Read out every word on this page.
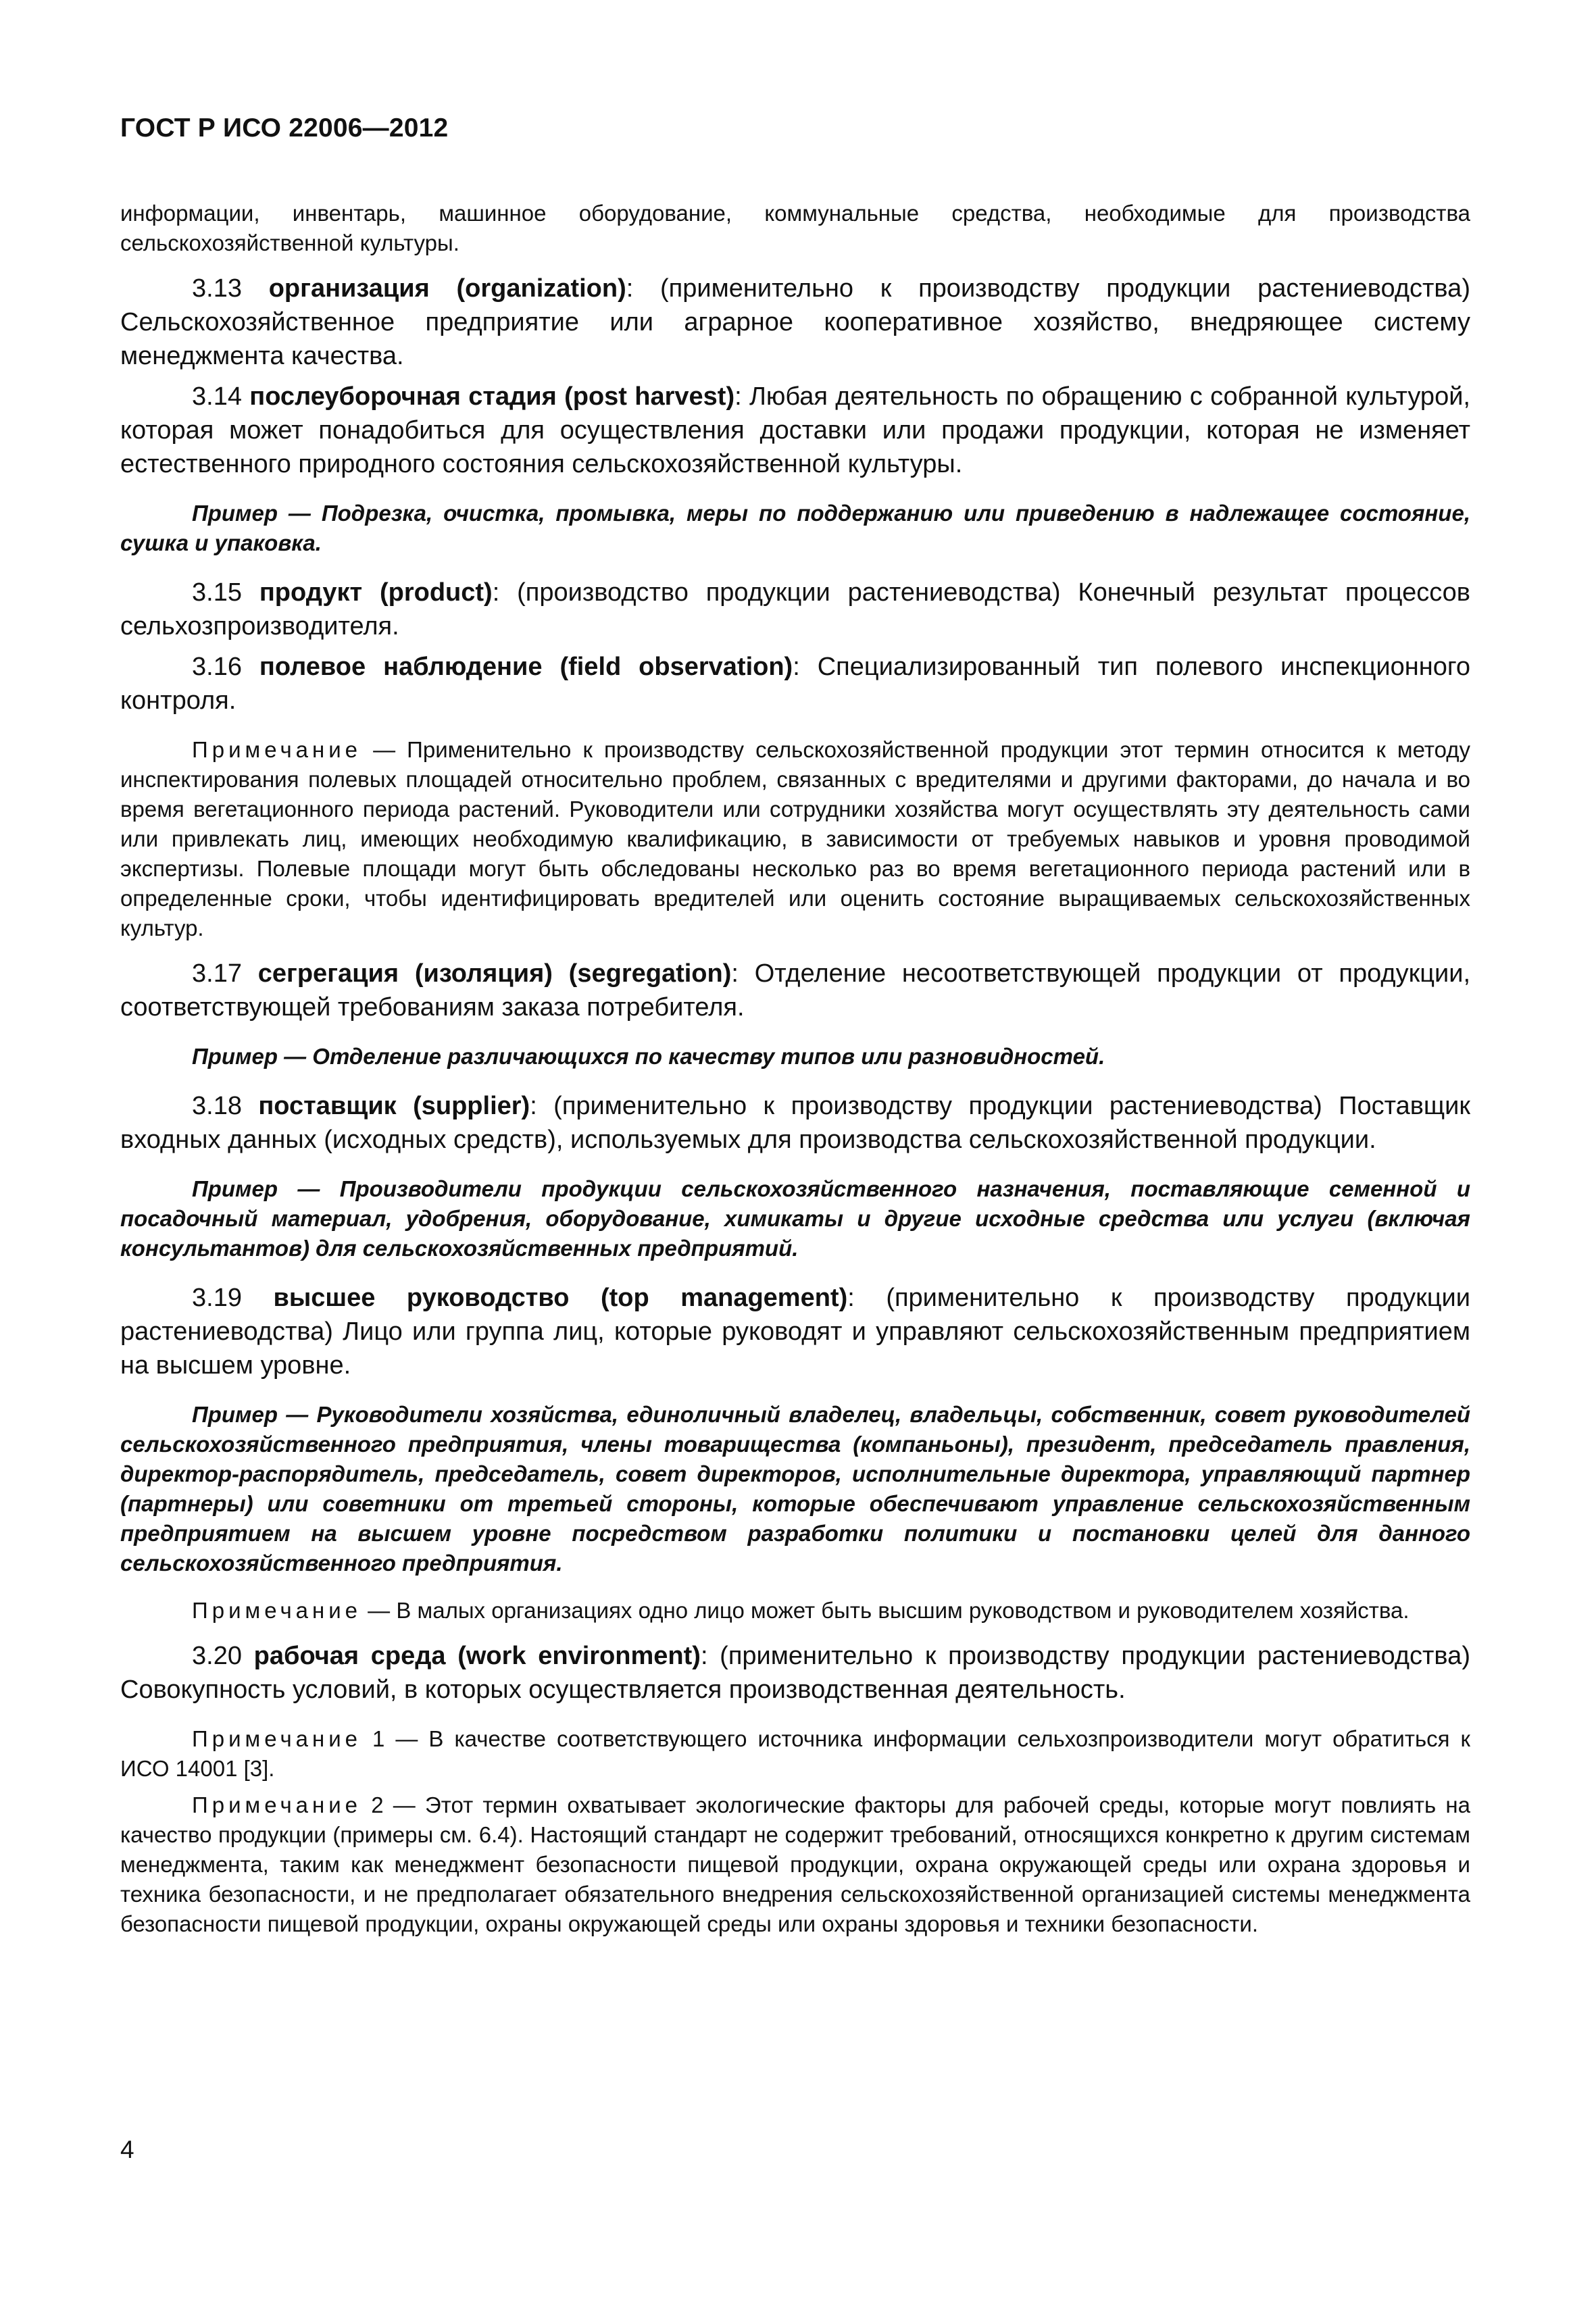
ГОСТ Р ИСО 22006—2012

информации, инвентарь, машинное оборудование, коммунальные средства, необходимые для производства сельскохозяйственной культуры.

3.13 организация (organization): (применительно к производству продукции растениеводства) Сельскохозяйственное предприятие или аграрное кооперативное хозяйство, внедряющее систему менеджмента качества.

3.14 послеуборочная стадия (post harvest): Любая деятельность по обращению с собранной культурой, которая может понадобиться для осуществления доставки или продажи продукции, которая не изменяет естественного природного состояния сельскохозяйственной культуры.

Пример — Подрезка, очистка, промывка, меры по поддержанию или приведению в надлежащее состояние, сушка и упаковка.

3.15 продукт (product): (производство продукции растениеводства) Конечный результат процессов сельхозпроизводителя.

3.16 полевое наблюдение (field observation): Специализированный тип полевого инспекционного контроля.

Примечание — Применительно к производству сельскохозяйственной продукции этот термин относится к методу инспектирования полевых площадей относительно проблем, связанных с вредителями и другими факторами, до начала и во время вегетационного периода растений. Руководители или сотрудники хозяйства могут осуществлять эту деятельность сами или привлекать лиц, имеющих необходимую квалификацию, в зависимости от требуемых навыков и уровня проводимой экспертизы. Полевые площади могут быть обследованы несколько раз во время вегетационного периода растений или в определенные сроки, чтобы идентифицировать вредителей или оценить состояние выращиваемых сельскохозяйственных культур.

3.17 сегрегация (изоляция) (segregation): Отделение несоответствующей продукции от продукции, соответствующей требованиям заказа потребителя.

Пример — Отделение различающихся по качеству типов или разновидностей.

3.18 поставщик (supplier): (применительно к производству продукции растениеводства) Поставщик входных данных (исходных средств), используемых для производства сельскохозяйственной продукции.

Пример — Производители продукции сельскохозяйственного назначения, поставляющие семенной и посадочный материал, удобрения, оборудование, химикаты и другие исходные средства или услуги (включая консультантов) для сельскохозяйственных предприятий.

3.19 высшее руководство (top management): (применительно к производству продукции растениеводства) Лицо или группа лиц, которые руководят и управляют сельскохозяйственным предприятием на высшем уровне.

Пример — Руководители хозяйства, единоличный владелец, владельцы, собственник, совет руководителей сельскохозяйственного предприятия, члены товарищества (компаньоны), президент, председатель правления, директор-распорядитель, председатель, совет директоров, исполнительные директора, управляющий партнер (партнеры) или советники от третьей стороны, которые обеспечивают управление сельскохозяйственным предприятием на высшем уровне посредством разработки политики и постановки целей для данного сельскохозяйственного предприятия.

Примечание — В малых организациях одно лицо может быть высшим руководством и руководителем хозяйства.

3.20 рабочая среда (work environment): (применительно к производству продукции растениеводства) Совокупность условий, в которых осуществляется производственная деятельность.

Примечание 1 — В качестве соответствующего источника информации сельхозпроизводители могут обратиться к ИСО 14001 [3].

Примечание 2 — Этот термин охватывает экологические факторы для рабочей среды, которые могут повлиять на качество продукции (примеры см. 6.4). Настоящий стандарт не содержит требований, относящихся конкретно к другим системам менеджмента, таким как менеджмент безопасности пищевой продукции, охрана окружающей среды или охрана здоровья и техника безопасности, и не предполагает обязательного внедрения сельскохозяйственной организацией системы менеджмента безопасности пищевой продукции, охраны окружающей среды или охраны здоровья и техники безопасности.

4
